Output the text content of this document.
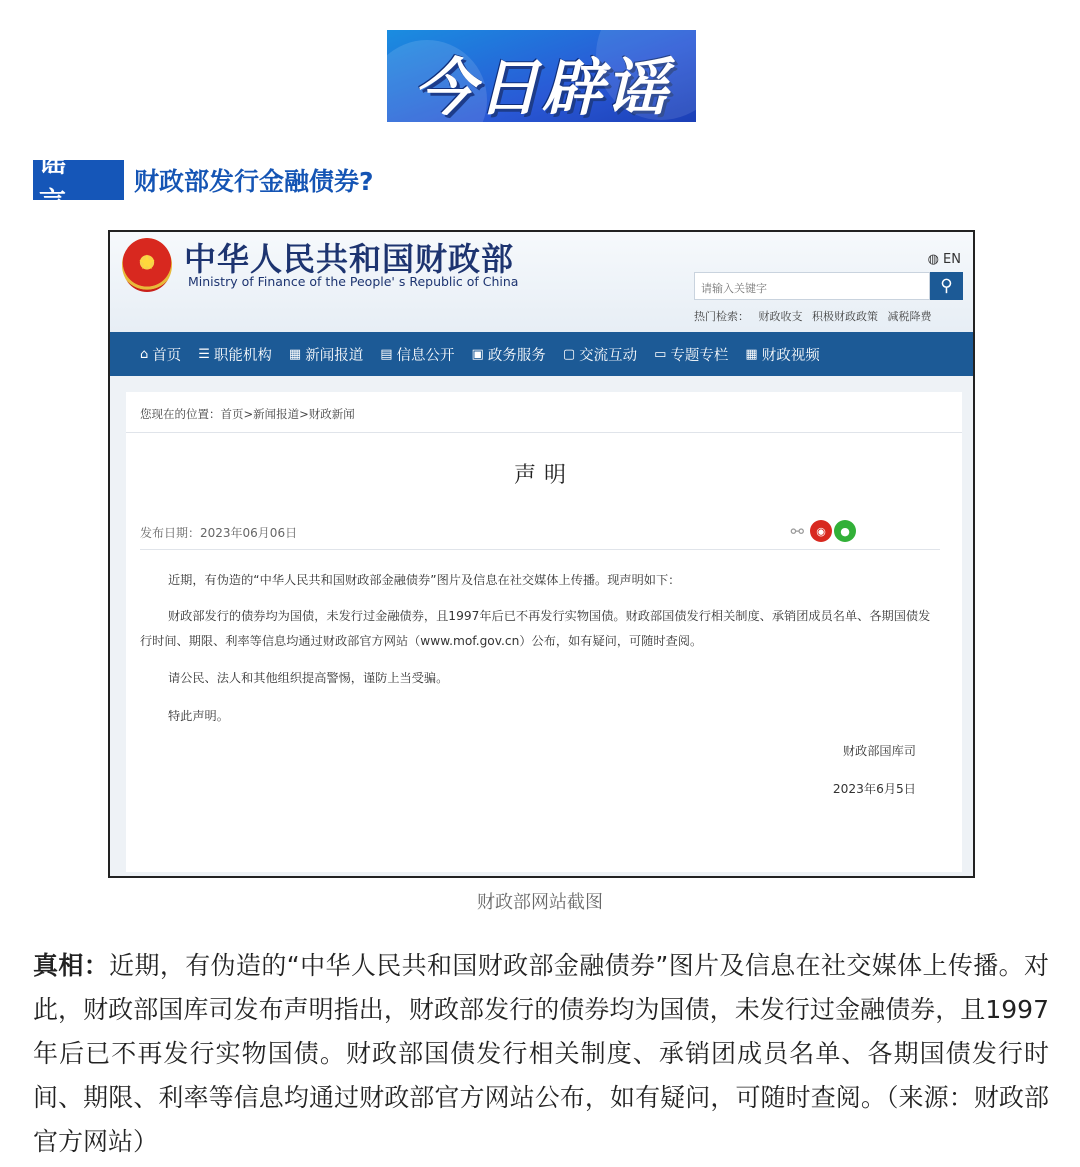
今日辟谣
谣 言
财政部发行金融债券?
★ 中华人民共和国财政部
Ministry of Finance of the People' s Republic of China
◍ EN
请输入关键字	⚲
热门检索： 财政收支 积极财政政策 减税降费
⌂ 首页 ☰ 职能机构 ▦ 新闻报道 ▤ 信息公开 ▣ 政务服务 ▢ 交流互动 ▭ 专题专栏 ▦ 财政视频
您现在的位置：首页>新闻报道>财政新闻
声明
发布日期：2023年06月06日	⚯	◉	●
近期，有伪造的“中华人民共和国财政部金融债券”图片及信息在社交媒体上传播。现声明如下：
财政部发行的债券均为国债，未发行过金融债券，且1997年后已不再发行实物国债。财政部国债发行相关制度、承销团成员名单、各期国债发行时间、期限、利率等信息均通过财政部官方网站（www.mof.gov.cn）公布，如有疑问，可随时查阅。
请公民、法人和其他组织提高警惕，谨防上当受骗。
特此声明。
财政部国库司
2023年6月5日
财政部网站截图
真相：近期，有伪造的“中华人民共和国财政部金融债券”图片及信息在社交媒体上传播。对此，财政部国库司发布声明指出，财政部发行的债券均为国债，未发行过金融债券，且1997年后已不再发行实物国债。财政部国债发行相关制度、承销团成员名单、各期国债发行时间、期限、利率等信息均通过财政部官方网站公布，如有疑问，可随时查阅。（来源：财政部官方网站）
